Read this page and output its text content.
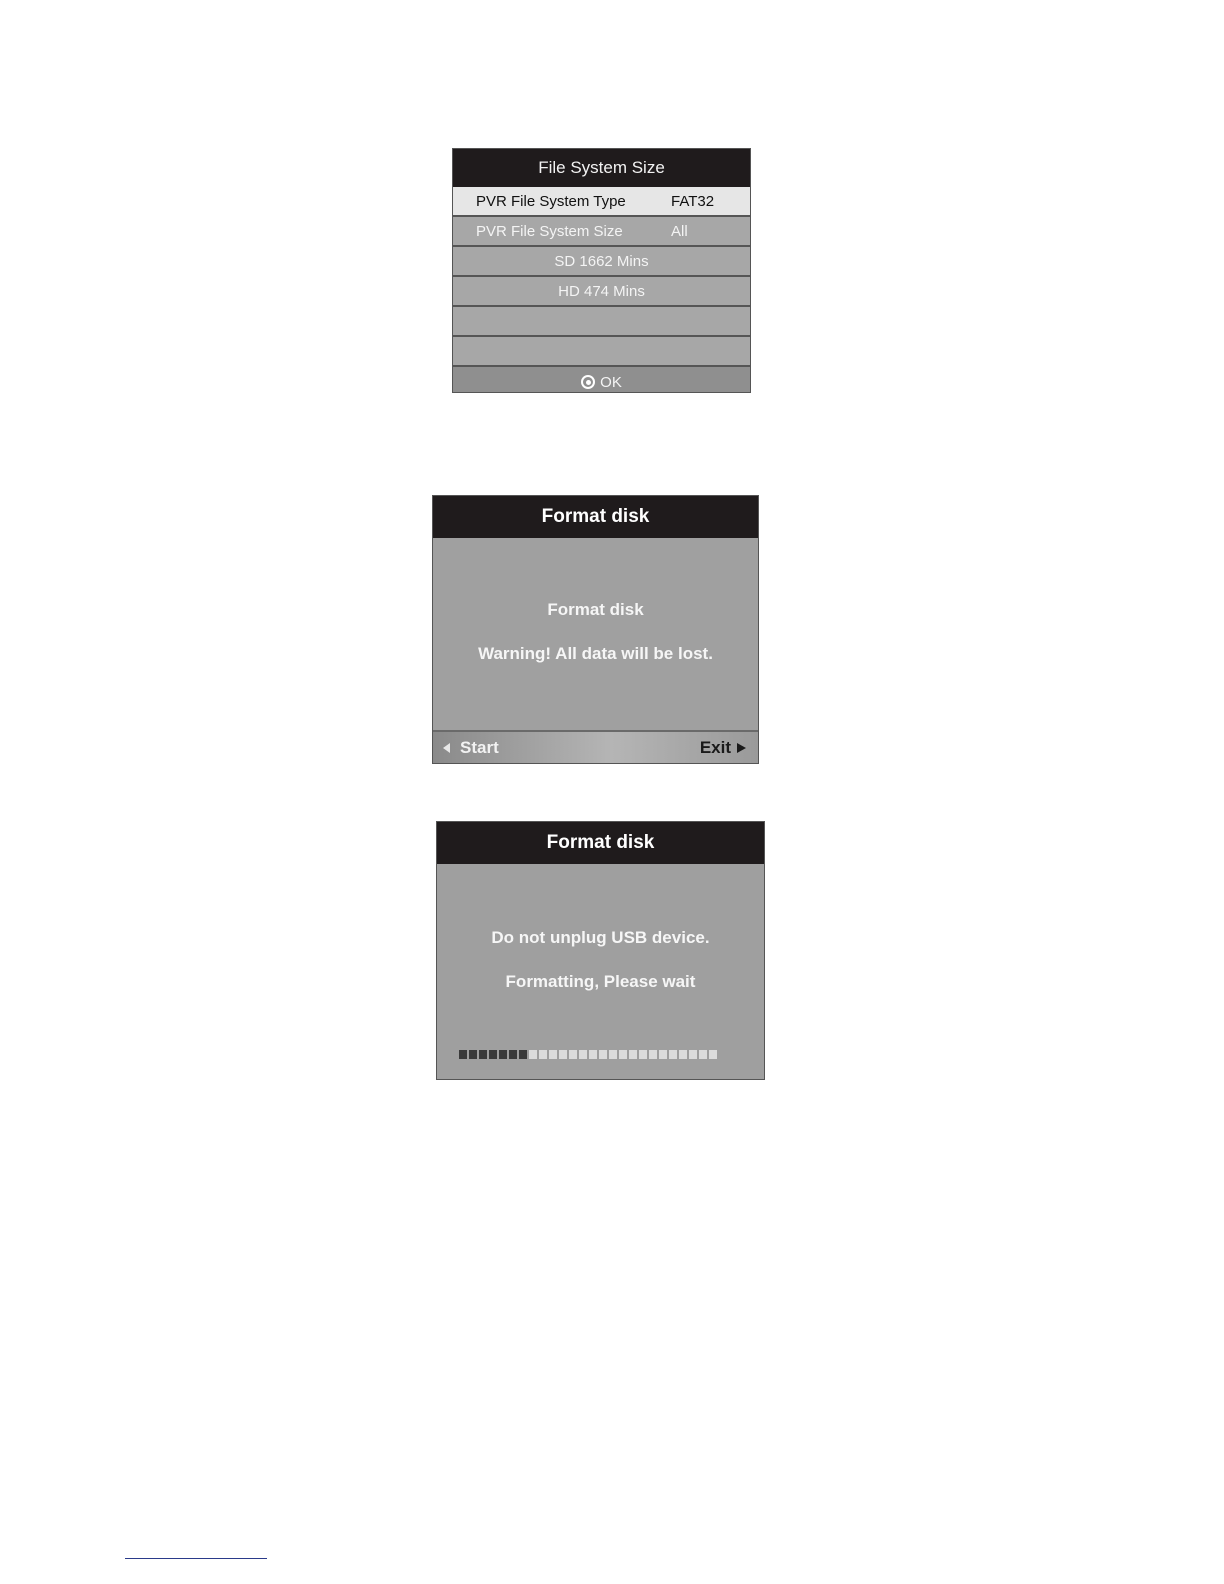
File System Size
PVR File System Type	FAT32
PVR File System Size	All
SD 1662 Mins
HD 474 Mins
OK
Format disk
Format disk
Warning! All data will be lost.
Start	Exit
Format disk
Do not unplug USB device.
Formatting, Please wait
